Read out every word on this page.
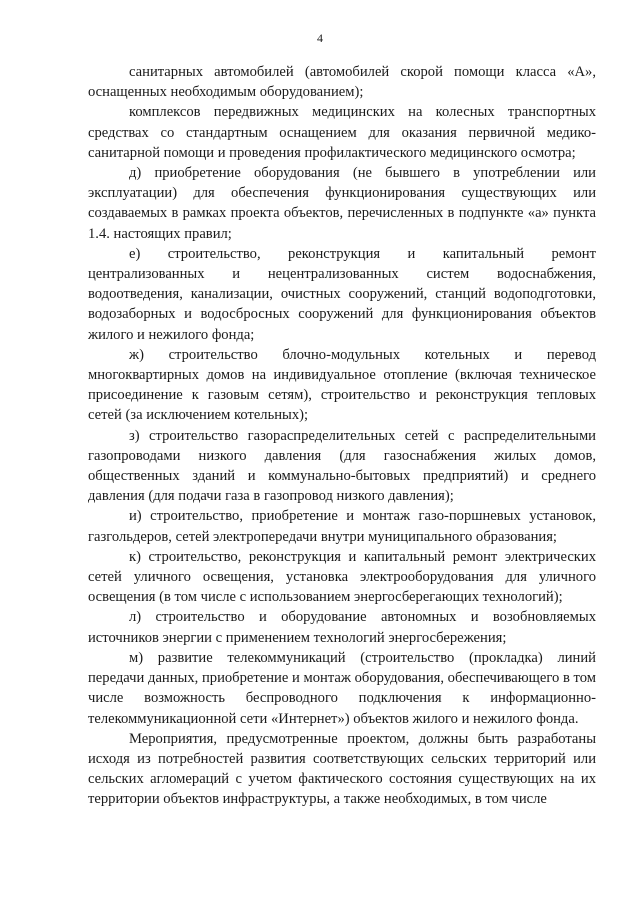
4

санитарных автомобилей (автомобилей скорой помощи класса «А», оснащенных необходимым оборудованием);

комплексов передвижных медицинских на колесных транспортных средствах со стандартным оснащением для оказания первичной медико-санитарной помощи и проведения профилактического медицинского осмотра;

д) приобретение оборудования (не бывшего в употреблении или эксплуатации) для обеспечения функционирования существующих или создаваемых в рамках проекта объектов, перечисленных в подпункте «а» пункта 1.4. настоящих правил;

е) строительство, реконструкция и капитальный ремонт централизованных и нецентрализованных систем водоснабжения, водоотведения, канализации, очистных сооружений, станций водоподготовки, водозаборных и водосбросных сооружений для функционирования объектов жилого и нежилого фонда;

ж) строительство блочно-модульных котельных и перевод многоквартирных домов на индивидуальное отопление (включая техническое присоединение к газовым сетям), строительство и реконструкция тепловых сетей (за исключением котельных);

з) строительство газораспределительных сетей с распределительными газопроводами низкого давления (для газоснабжения жилых домов, общественных зданий и коммунально-бытовых предприятий) и среднего давления (для подачи газа в газопровод низкого давления);

и) строительство, приобретение и монтаж газо-поршневых установок, газгольдеров, сетей электропередачи внутри муниципального образования;

к) строительство, реконструкция и капитальный ремонт электрических сетей уличного освещения, установка электрооборудования для уличного освещения (в том числе с использованием энергосберегающих технологий);

л) строительство и оборудование автономных и возобновляемых источников энергии с применением технологий энергосбережения;

м) развитие телекоммуникаций (строительство (прокладка) линий передачи данных, приобретение и монтаж оборудования, обеспечивающего в том числе возможность беспроводного подключения к информационно-телекоммуникационной сети «Интернет») объектов жилого и нежилого фонда.

Мероприятия, предусмотренные проектом, должны быть разработаны исходя из потребностей развития соответствующих сельских территорий или сельских агломераций с учетом фактического состояния существующих на их территории объектов инфраструктуры, а также необходимых, в том числе
